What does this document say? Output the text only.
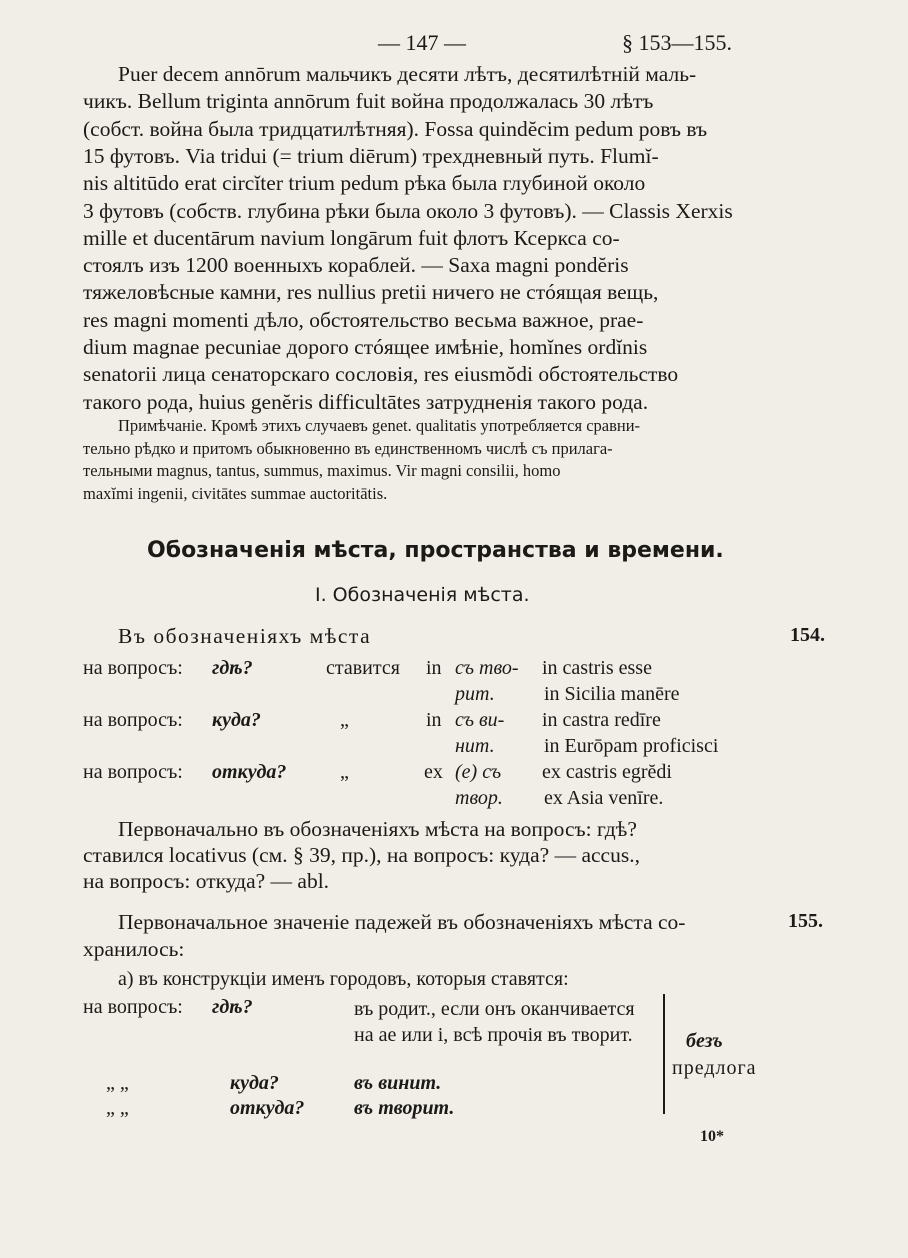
— 147 —	§ 153—155.
Puer decem annōrum мальчикъ десяти лѣтъ, десятилѣтній маль-
чикъ. Bellum triginta annōrum fuit война продолжалась 30 лѣтъ
(собст. война была тридцатилѣтняя). Fossa quindĕcim pedum ровъ въ
15 футовъ. Via tridui (= trium diērum) трехдневный путь. Flumĭ-
nis altitūdo erat circĭter trium pedum рѣка была глубиной около
3 футовъ (собств. глубина рѣки была около 3 футовъ). — Classis Xerxis
mille et ducentārum navium longārum fuit флотъ Ксеркса со-
стоялъ изъ 1200 военныхъ кораблей. — Saxa magni pondĕris
тяжеловѣсные камни, res nullius pretii ничего не стóящая вещь,
res magni momenti дѣло, обстоятельство весьма важное, prae-
dium magnae pecuniae дорого стóящее имѣніе, homĭnes ordĭnis
senatorii лица сенаторскаго сословія, res eiusmŏdi обстоятельство
такого рода, huius genĕris difficultātes затрудненія такого рода.
Примѣчаніе. Кромѣ этихъ случаевъ genet. qualitatis употребляется сравни-
тельно рѣдко и притомъ обыкновенно въ единственномъ числѣ съ прилага-
тельными magnus, tantus, summus, maximus. Vir magni consilii, homo
maxĭmi ingenii, civitātes summae auctoritātis.
Обозначенія мѣста, пространства и времени.
I. Обозначенія мѣста.
Въ обозначеніяхъ мѣста	154.
на вопросъ: гдѣ?	ставится in съ тво- in castris esse
рит. in Sicilia manēre
на вопросъ: куда?	„	in съ ви- in castra redīre
нит. in Eurōpam proficisci
на вопросъ: откуда?	„	ex (e) съ ex castris egrĕdi
твор. ex Asia venīre.
Первоначально въ обозначеніяхъ мѣста на вопросъ: гдѣ?
ставился locativus (см. § 39, пр.), на вопросъ: куда? — accus.,
на вопросъ: откуда? — abl.
Первоначальное значеніе падежей въ обозначеніяхъ мѣста со-
хранилось:
155.
a) въ конструкціи именъ городовъ, которыя ставятся:
на вопросъ: гдѣ?	въ родит., если онъ оканчивается на ae или i, всѣ прочія въ творит.
„ „	куда?	въ винит.
„ „	откуда? въ творит.
безъ
предлога
10*
